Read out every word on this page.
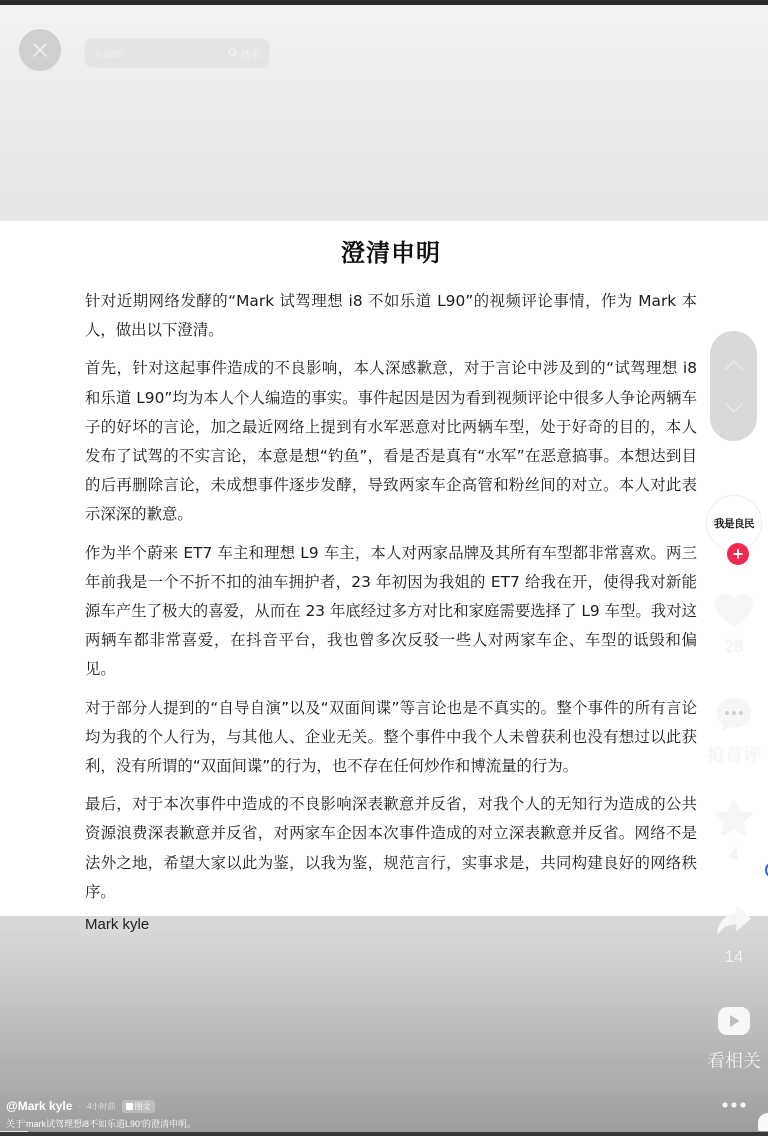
乐道l90
搜索
澄清申明

针对近期网络发酵的“Mark 试驾理想 i8 不如乐道 L90”的视频评论事情，作为 Mark 本人，做出以下澄清。

首先，针对这起事件造成的不良影响，本人深感歉意，对于言论中涉及到的“试驾理想 i8 和乐道 L90”均为本人个人编造的事实。事件起因是因为看到视频评论中很多人争论两辆车子的好坏的言论，加之最近网络上提到有水军恶意对比两辆车型，处于好奇的目的，本人发布了试驾的不实言论，本意是想“钓鱼”，看是否是真有“水军”在恶意搞事。本想达到目的后再删除言论，未成想事件逐步发酵，导致两家车企高管和粉丝间的对立。本人对此表示深深的歉意。

作为半个蔚来 ET7 车主和理想 L9 车主，本人对两家品牌及其所有车型都非常喜欢。两三年前我是一个不折不扣的油车拥护者，23 年初因为我姐的 ET7 给我在开，使得我对新能源车产生了极大的喜爱，从而在 23 年底经过多方对比和家庭需要选择了 L9 车型。我对这两辆车都非常喜爱，在抖音平台，我也曾多次反驳一些人对两家车企、车型的诋毁和偏见。

对于部分人提到的“自导自演”以及“双面间谍”等言论也是不真实的。整个事件的所有言论均为我的个人行为，与其他人、企业无关。整个事件中我个人未曾获利也没有想过以此获利，没有所谓的“双面间谍”的行为，也不存在任何炒作和博流量的行为。

最后，对于本次事件中造成的不良影响深表歉意并反省，对我个人的无知行为造成的公共资源浪费深表歉意并反省，对两家车企因本次事件造成的对立深表歉意并反省。网络不是法外之地，希望大家以此为鉴，以我为鉴，规范言行，实事求是，共同构建良好的网络秩序。

Mark kyle

我是良民
+
28
抢首评
4
14
看相关
@Mark kyle · 4小时前 图文
关于‘mark试驾理想i8不如乐道L90’的澄清申明。
